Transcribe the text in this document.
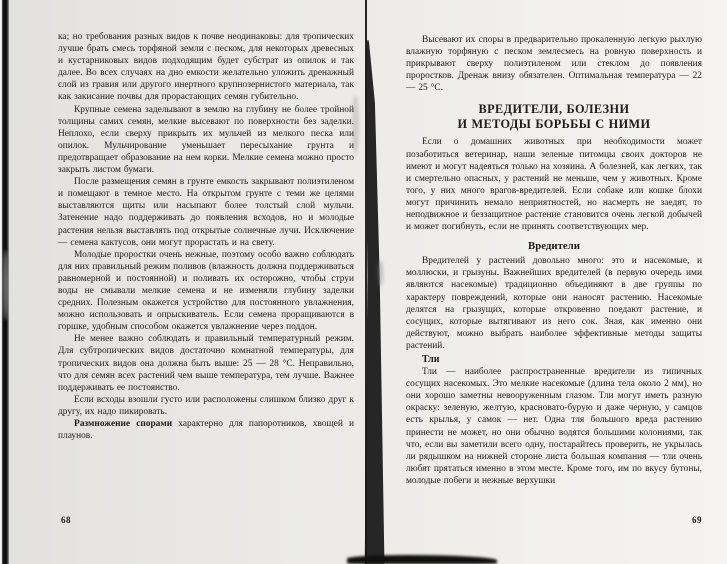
ка; но требования разных видов к почве неодинаковы: для тропических лучше брать смесь торфяной земли с песком, для некоторых древесных и кустарниковых видов подходящим будет субстрат из опилок и так далее. Во всех случаях на дно емкости желательно уложить дренажный слой из гравия или другого инертного крупнозернистого материала, так как закисание почвы для прорастающих семян губительно.

Крупные семена заделывают в землю на глубину не более тройной толщины самих семян, мелкие высевают по поверхности без заделки. Неплохо, если сверху прикрыть их мульчей из мелкого песка или опилок. Мульчирование уменьшает пересыхание грунта и предотвращает образование на нем корки. Мелкие семена можно просто закрыть листом бумаги.

После размещения семян в грунте емкость закрывают полиэтиленом и помещают в темное место. На открытом грунте с теми же целями выставляются щиты или насыпают более толстый слой мульчи. Затенение надо поддерживать до появления всходов, но и молодые растения нельзя выставлять под открытые солнечные лучи. Исключение — семена кактусов, они могут прорастать и на свету.

Молодые проростки очень нежные, поэтому особо важно соблюдать для них правильный режим поливов (влажность должна поддерживаться равномерной и постоянной) и поливать их осторожно, чтобы струи воды не смывали мелкие семена и не изменяли глубину заделки средних. Полезным окажется устройство для постоянного увлажнения, можно использовать и опрыскиватель. Если семена проращиваются в горшке, удобным способом окажется увлажнение через поддон.

Не менее важно соблюдать и правильный температурный режим. Для субтропических видов достаточно комнатной температуры, для тропических видов она должна быть выше: 25 — 28 °С. Неправильно, что для семян всех растений чем выше температура, тем лучше. Важнее поддерживать ее постоянство.

Если всходы взошли густо или расположены слишком близко друг к другу, их надо пикировать.

Размножение спорами характерно для папоротников, хвощей и плаунов.

68

Высевают их споры в предварительно прокаленную легкую рыхлую влажную торфяную с песком землесмесь на ровную поверхность и прикрывают сверху полиэтиленом или стеклом до появления проростков. Дренаж внизу обязателен. Оптимальная температура — 22 — 25 °С.

ВРЕДИТЕЛИ, БОЛЕЗНИ
И МЕТОДЫ БОРЬБЫ С НИМИ

Если о домашних животных при необходимости может позаботиться ветеринар, наши зеленые питомцы своих докторов не имеют и могут надеяться только на хозяина. А болезней, как легких, так и смертельно опасных, у растений не меньше, чем у животных. Кроме того, у них много врагов-вредителей. Если собаке или кошке блохи могут причинить немало неприятностей, но насмерть не заедят, то неподвижное и беззащитное растение становится очень легкой добычей и может погибнуть, если не принять соответствующих мер.

Вредители

Вредителей у растений довольно много: это и насекомые, и моллюски, и грызуны. Важнейших вредителей (в первую очередь ими являются насекомые) традиционно объединяют в две группы по характеру повреждений, которые они наносят растению. Насекомые делятся на грызущих, которые откровенно поедают растение, и сосущих, которые вытягивают из него сок. Зная, как именно они действуют, можно выбрать наиболее эффективные методы защиты растений.

Тли

Тли — наиболее распространенные вредители из типичных сосущих насекомых. Это мелкие насекомые (длина тела около 2 мм), но они хорошо заметны невооруженным глазом. Тли могут иметь разную окраску: зеленую, желтую, красновато-бурую и даже черную, у самцов есть крылья, у самок — нет. Одна тля большого вреда растению принести не может, но они обычно водятся большими колониями, так что, если вы заметили всего одну, постарайтесь проверить, не укрылась ли рядышком на нижней стороне листа большая компания — тли очень любят прятаться именно в этом месте. Кроме того, им по вкусу бутоны, молодые побеги и нежные верхушки

69
